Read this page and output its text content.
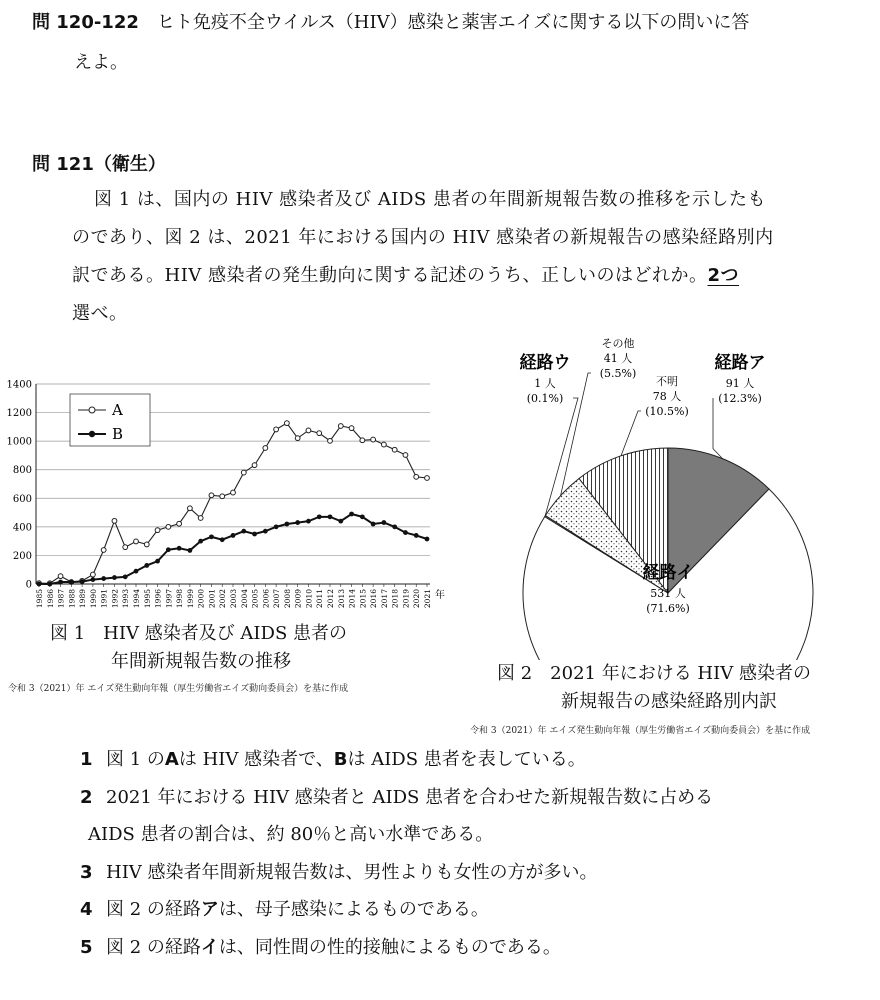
問 120-122　 ヒト免疫不全ウイルス（HIV）感染と薬害エイズに関する以下の問いに答
えよ。
問 121（衛生）
図 1 は、国内の HIV 感染者及び AIDS 患者の年間新規報告数の推移を示したも
のであり、図 2 は、2021 年における国内の HIV 感染者の新規報告の感染経路別内
訳である。HIV 感染者の発生動向に関する記述のうち、正しいのはどれか。2つ
選べ。
0
200
400
600
800
1000
1200
1400
1985 1986 1987 1988 1989 1990 1991 1992 1993 1994 1995 1996 1997 1998 1999 2000 2001 2002 2003 2004 2005 2006 2007 2008 2009 2010 2011 2012 2013 2014 2015 2016 2017 2018 2019 2020 2021
A
B
年
図 1　HIV 感染者及び AIDS 患者の
年間新規報告数の推移
令和 3（2021）年 エイズ発生動向年報（厚生労働省エイズ動向委員会）を基に作成
経路ア
91 人
(12.3%)
経路イ
531 人
(71.6%)
経路ウ
1 人
(0.1%)
その他
41 人
(5.5%)
不明
78 人
(10.5%)
図 2　2021 年における HIV 感染者の
新規報告の感染経路別内訳
令和 3（2021）年 エイズ発生動向年報（厚生労働省エイズ動向委員会）を基に作成
1 図 1 のAは HIV 感染者で、Bは AIDS 患者を表している。
2 2021 年における HIV 感染者と AIDS 患者を合わせた新規報告数に占める
AIDS 患者の割合は、約 80％と高い水準である。
3 HIV 感染者年間新規報告数は、男性よりも女性の方が多い。
4 図 2 の経路アは、母子感染によるものである。
5 図 2 の経路イは、同性間の性的接触によるものである。
